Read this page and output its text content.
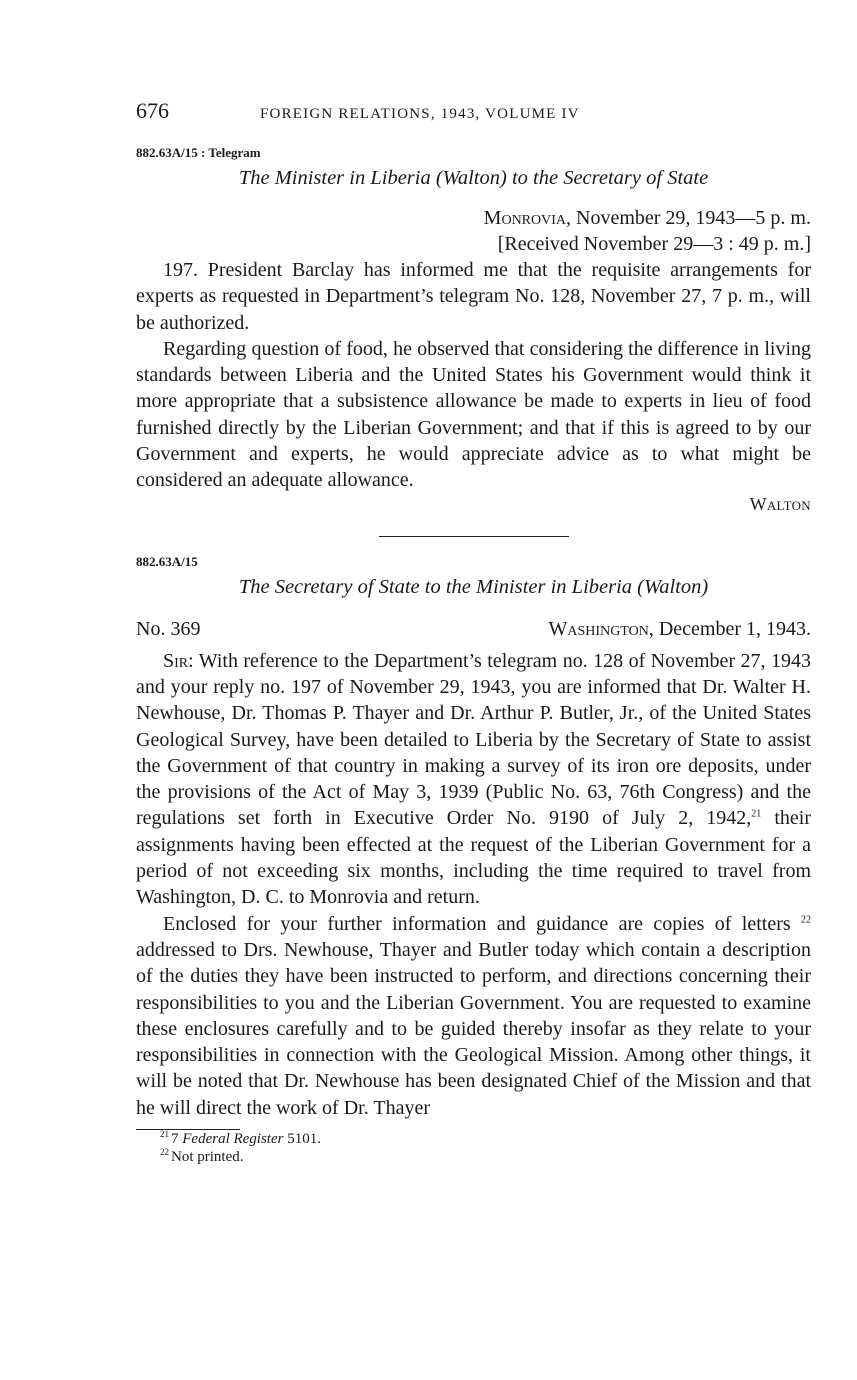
676	FOREIGN RELATIONS, 1943, VOLUME IV
882.63A/15 : Telegram
The Minister in Liberia (Walton) to the Secretary of State
Monrovia, November 29, 1943—5 p. m.
[Received November 29—3 : 49 p. m.]

197. President Barclay has informed me that the requisite arrangements for experts as requested in Department’s telegram No. 128, November 27, 7 p. m., will be authorized.

Regarding question of food, he observed that considering the difference in living standards between Liberia and the United States his Government would think it more appropriate that a subsistence allowance be made to experts in lieu of food furnished directly by the Liberian Government; and that if this is agreed to by our Government and experts, he would appreciate advice as to what might be considered an adequate allowance.

Walton
882.63A/15
The Secretary of State to the Minister in Liberia (Walton)
No. 369	Washington, December 1, 1943.

Sir: With reference to the Department’s telegram no. 128 of November 27, 1943 and your reply no. 197 of November 29, 1943, you are informed that Dr. Walter H. Newhouse, Dr. Thomas P. Thayer and Dr. Arthur P. Butler, Jr., of the United States Geological Survey, have been detailed to Liberia by the Secretary of State to assist the Government of that country in making a survey of its iron ore deposits, under the provisions of the Act of May 3, 1939 (Public No. 63, 76th Congress) and the regulations set forth in Executive Order No. 9190 of July 2, 1942,21 their assignments having been effected at the request of the Liberian Government for a period of not exceeding six months, including the time required to travel from Washington, D. C. to Monrovia and return.

Enclosed for your further information and guidance are copies of letters $^{22}$ addressed to Drs. Newhouse, Thayer and Butler today which contain a description of the duties they have been instructed to perform, and directions concerning their responsibilities to you and the Liberian Government. You are requested to examine these enclosures carefully and to be guided thereby insofar as they relate to your responsibilities in connection with the Geological Mission. Among other things, it will be noted that Dr. Newhouse has been designated Chief of the Mission and that he will direct the work of Dr. Thayer

$^{21}$ 7 Federal Register 5101.
$^{22}$ Not printed.
